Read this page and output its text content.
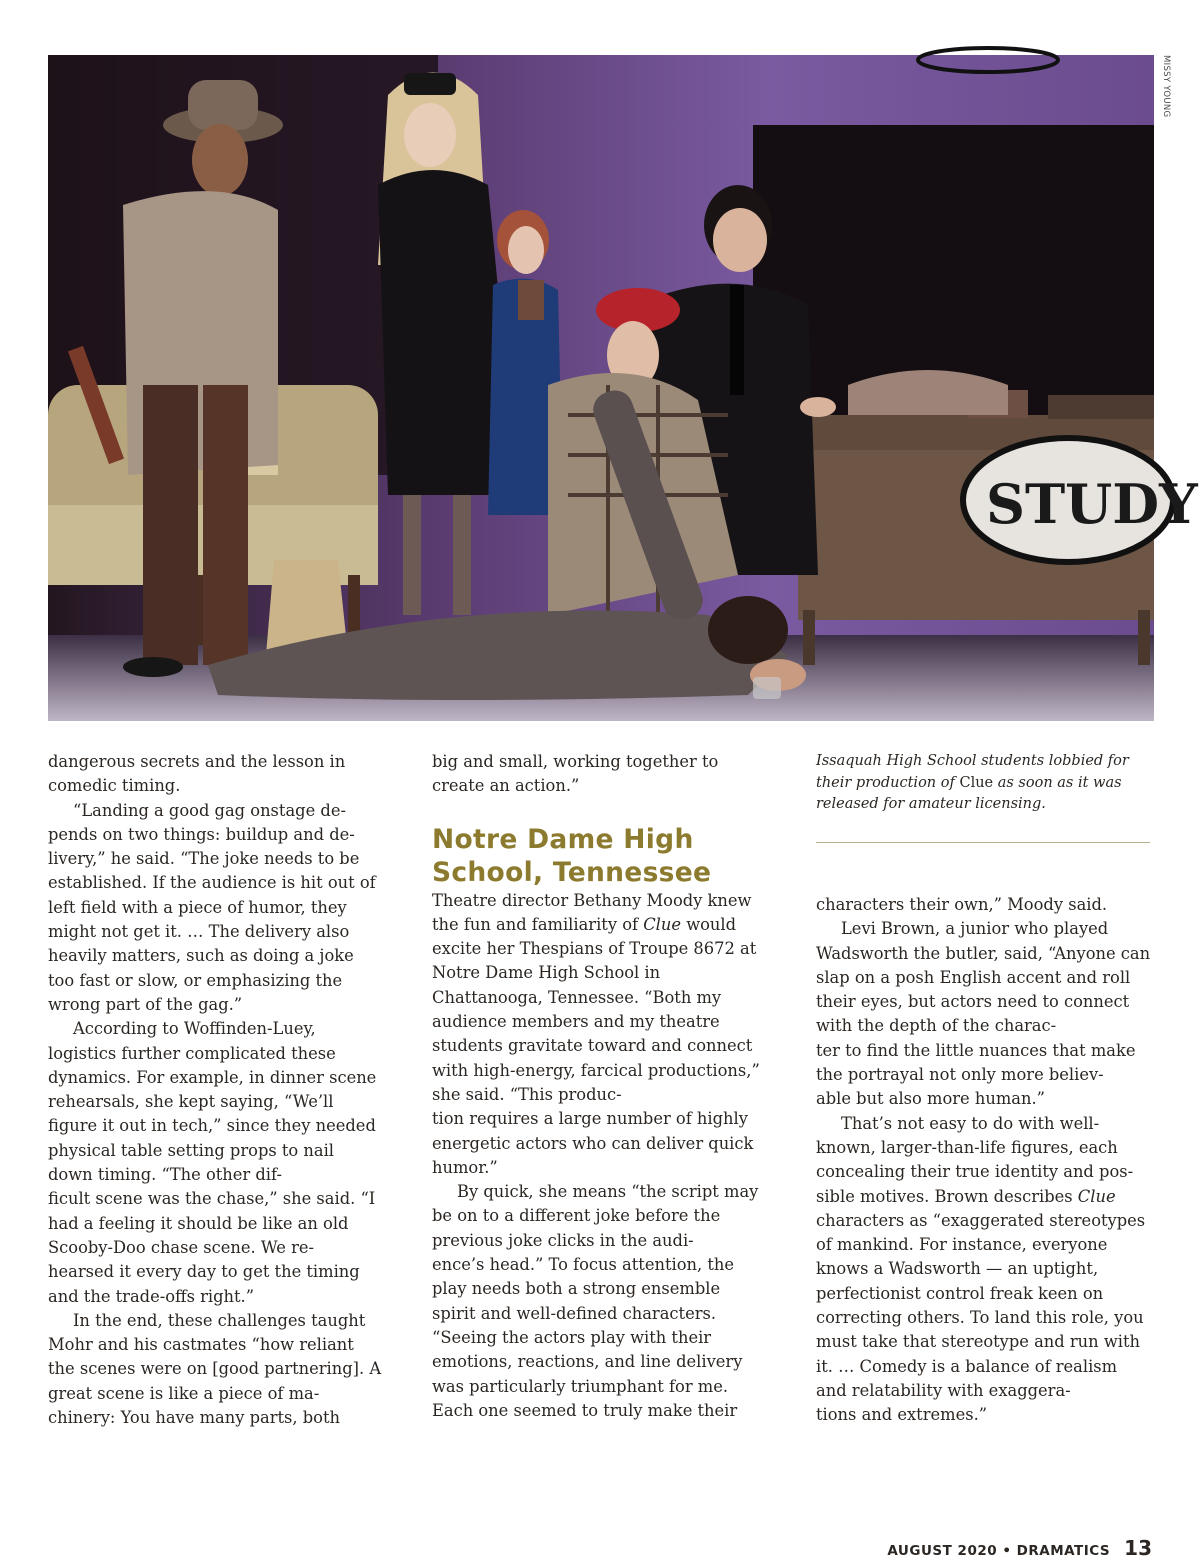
STUDY
MISSY YOUNG
Issaquah High School students lobbied for their production of Clue as soon as it was released for amateur licensing.

dangerous secrets and the lesson in comedic timing.

“Landing a good gag onstage de-
pends on two things: buildup and de-
livery,” he said. “The joke needs to be established. If the audience is hit out of left field with a piece of humor, they might not get it. … The delivery also heavily matters, such as doing a joke too fast or slow, or emphasizing the wrong part of the gag.”

According to Woffinden-Luey, logistics further complicated these dynamics. For example, in dinner scene rehearsals, she kept saying, “We’ll figure it out in tech,” since they needed physical table setting props to nail down timing. “The other dif-
ficult scene was the chase,” she said. “I had a feeling it should be like an old Scooby-Doo chase scene. We re-
hearsed it every day to get the timing and the trade-offs right.”

In the end, these challenges taught Mohr and his castmates “how reliant the scenes were on [good partnering]. A great scene is like a piece of ma-
chinery: You have many parts, both

big and small, working together to create an action.”

Notre Dame High School, Tennessee

Theatre director Bethany Moody knew the fun and familiarity of Clue would excite her Thespians of Troupe 8672 at Notre Dame High School in Chattanooga, Tennessee. “Both my audience members and my theatre students gravitate toward and connect with high-energy, farcical productions,” she said. “This produc-
tion requires a large number of highly energetic actors who can deliver quick humor.”

By quick, she means “the script may be on to a different joke before the previous joke clicks in the audi-
ence’s head.” To focus attention, the play needs both a strong ensemble spirit and well-defined characters. “Seeing the actors play with their emotions, reactions, and line delivery was particularly triumphant for me. Each one seemed to truly make their

characters their own,” Moody said.

Levi Brown, a junior who played Wadsworth the butler, said, “Anyone can slap on a posh English accent and roll their eyes, but actors need to connect with the depth of the charac-
ter to find the little nuances that make the portrayal not only more believ-
able but also more human.”

That’s not easy to do with well-
known, larger-than-life figures, each concealing their true identity and pos-
sible motives. Brown describes Clue characters as “exaggerated stereotypes of mankind. For instance, everyone knows a Wadsworth — an uptight, perfectionist control freak keen on correcting others. To land this role, you must take that stereotype and run with it. … Comedy is a balance of realism and relatability with exaggera-
tions and extremes.”

AUGUST 2020 • DRAMATICS 13
